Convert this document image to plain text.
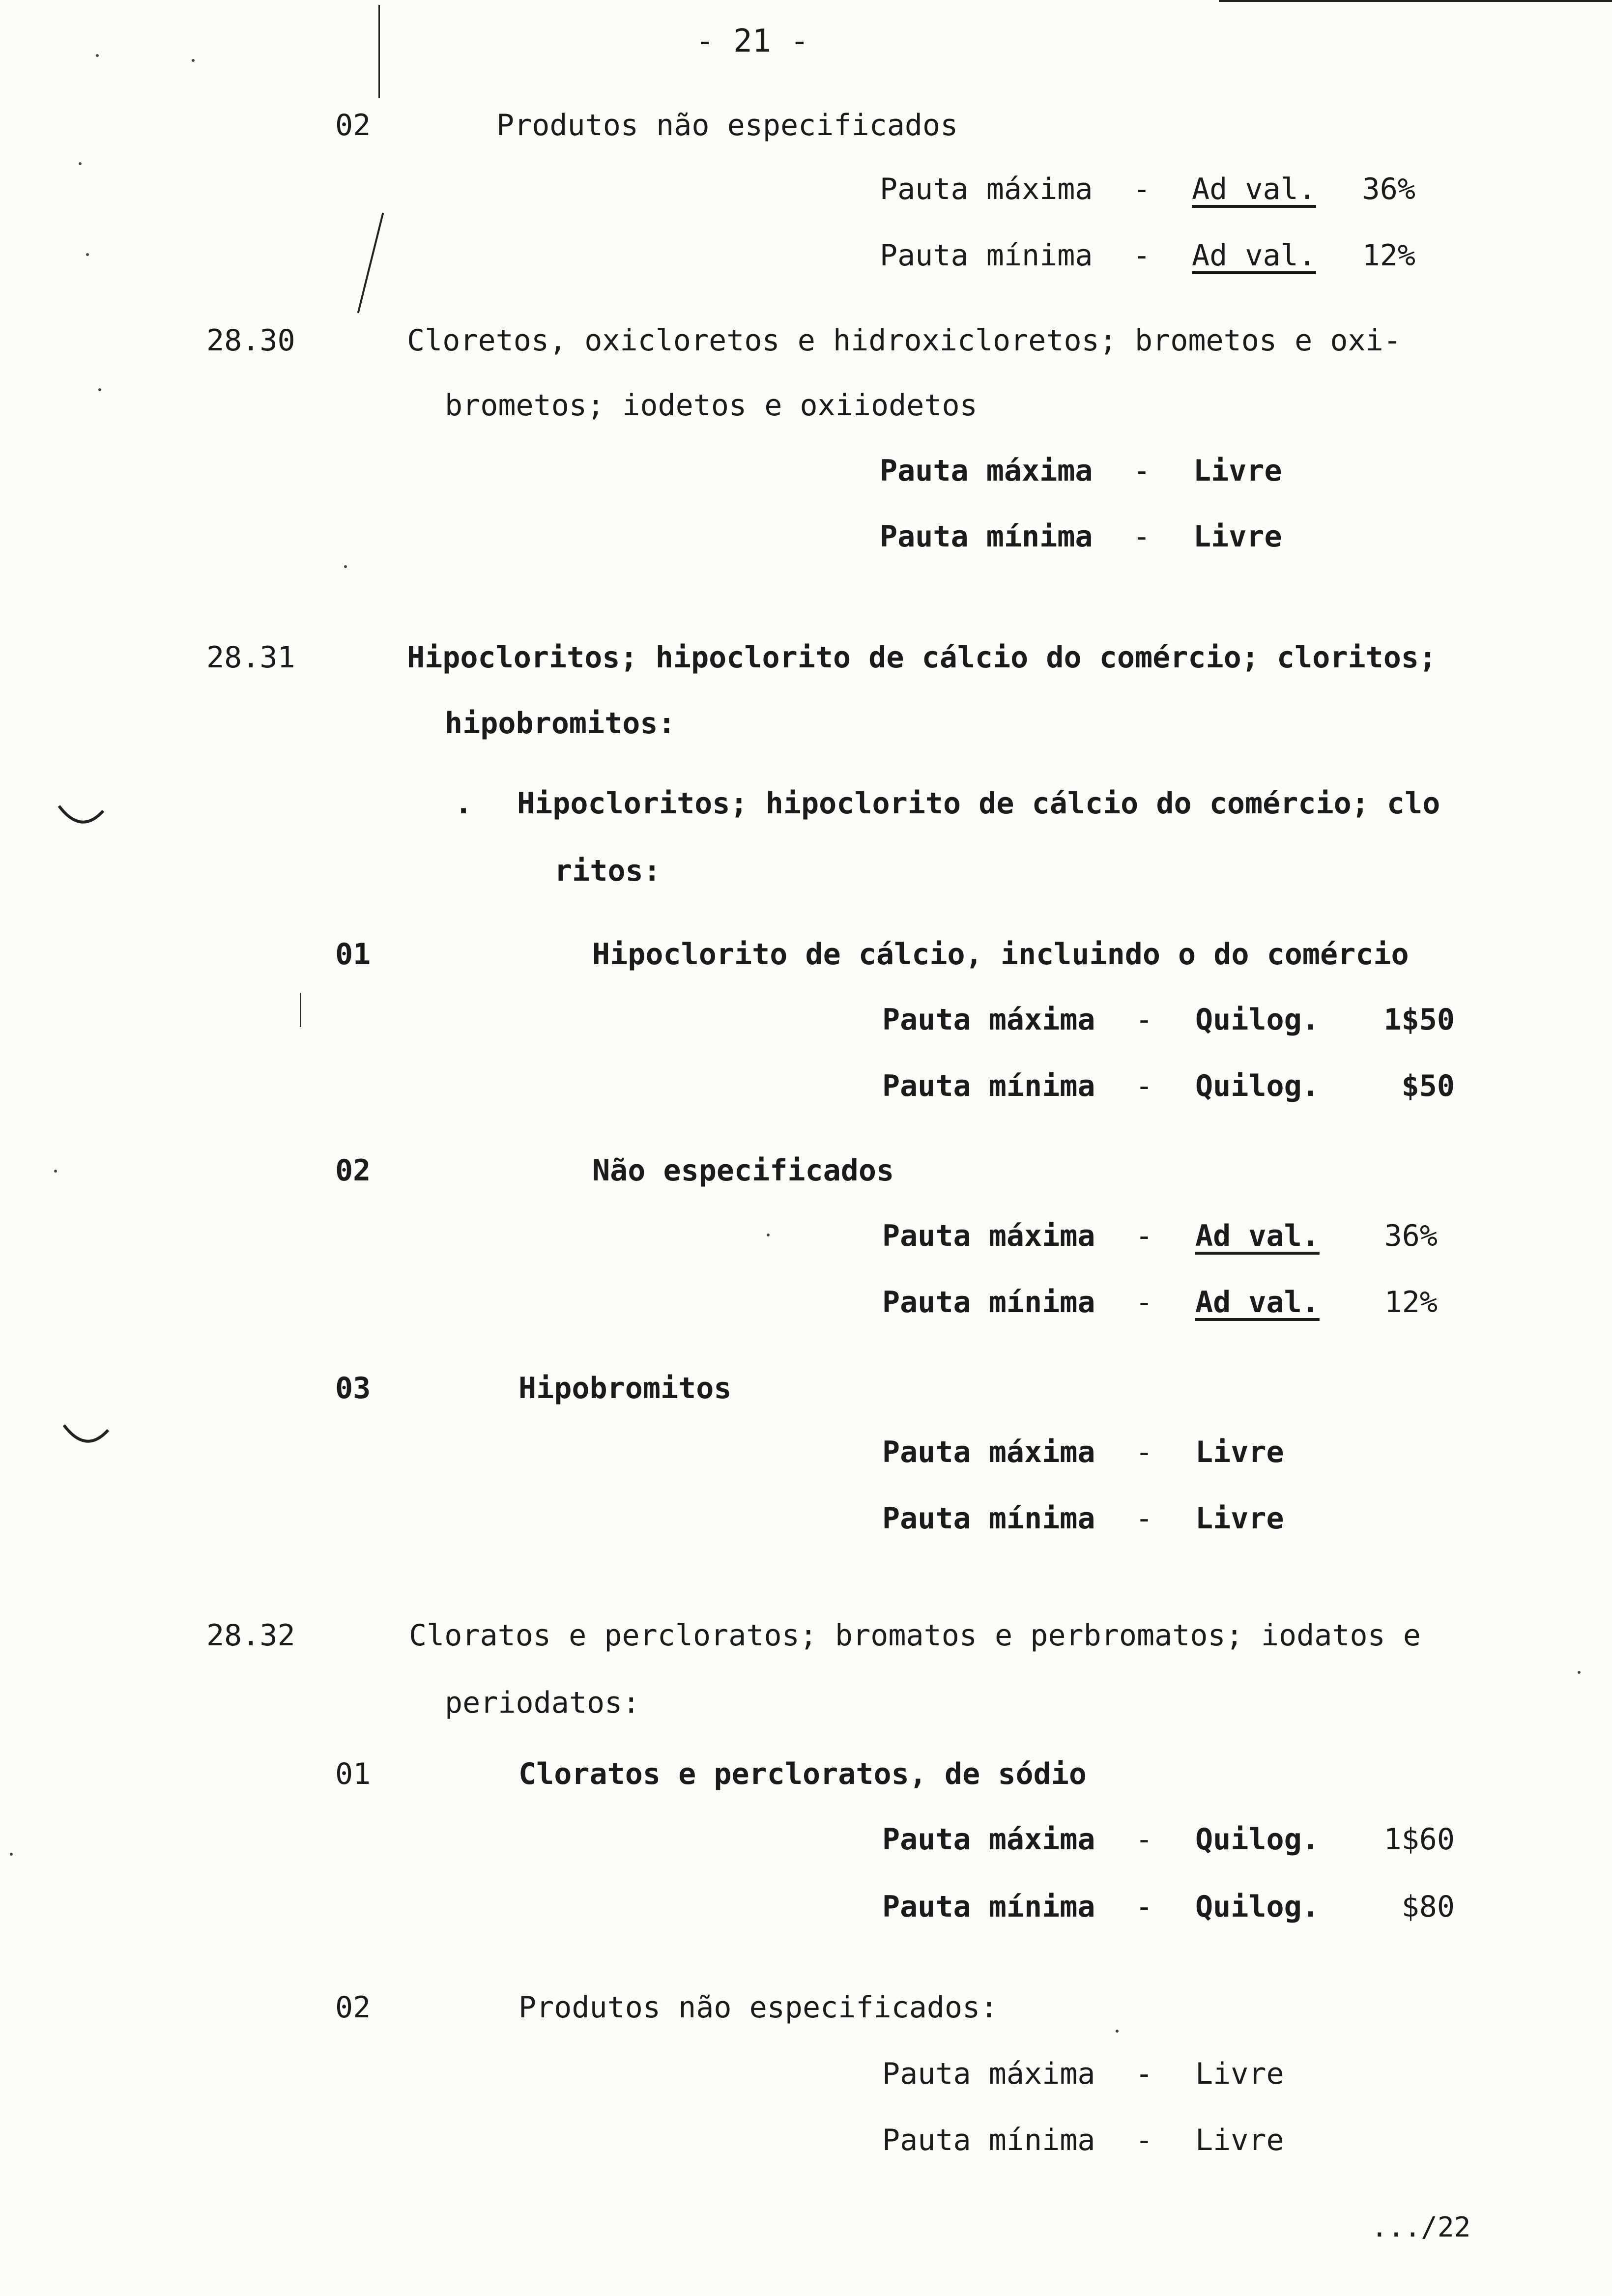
- 21 -
02	Produtos não especificados
Pauta máxima - Ad val.	36%
Pauta mínima - Ad val.	12%
28.30	Cloretos, oxicloretos e hidroxicloretos; brometos e oxi-
brometos; iodetos e oxiiodetos
Pauta máxima - Livre
Pauta mínima - Livre
28.31	Hipocloritos; hipoclorito de cálcio do comércio; cloritos;
hipobromitos:
. Hipocloritos; hipoclorito de cálcio do comércio; clo
ritos:
01	Hipoclorito de cálcio, incluindo o do comércio
Pauta máxima - Quilog.	1$50
Pauta mínima - Quilog.	$50
02	Não especificados
Pauta máxima - Ad val.	36%
Pauta mínima - Ad val.	12%
03	Hipobromitos
Pauta máxima - Livre
Pauta mínima - Livre
28.32	Cloratos e percloratos; bromatos e perbromatos; iodatos e
periodatos:
01	Cloratos e percloratos, de sódio
Pauta máxima - Quilog.	1$60
Pauta mínima - Quilog.	$80
02	Produtos não especificados:
Pauta máxima - Livre
Pauta mínima - Livre
.../22
